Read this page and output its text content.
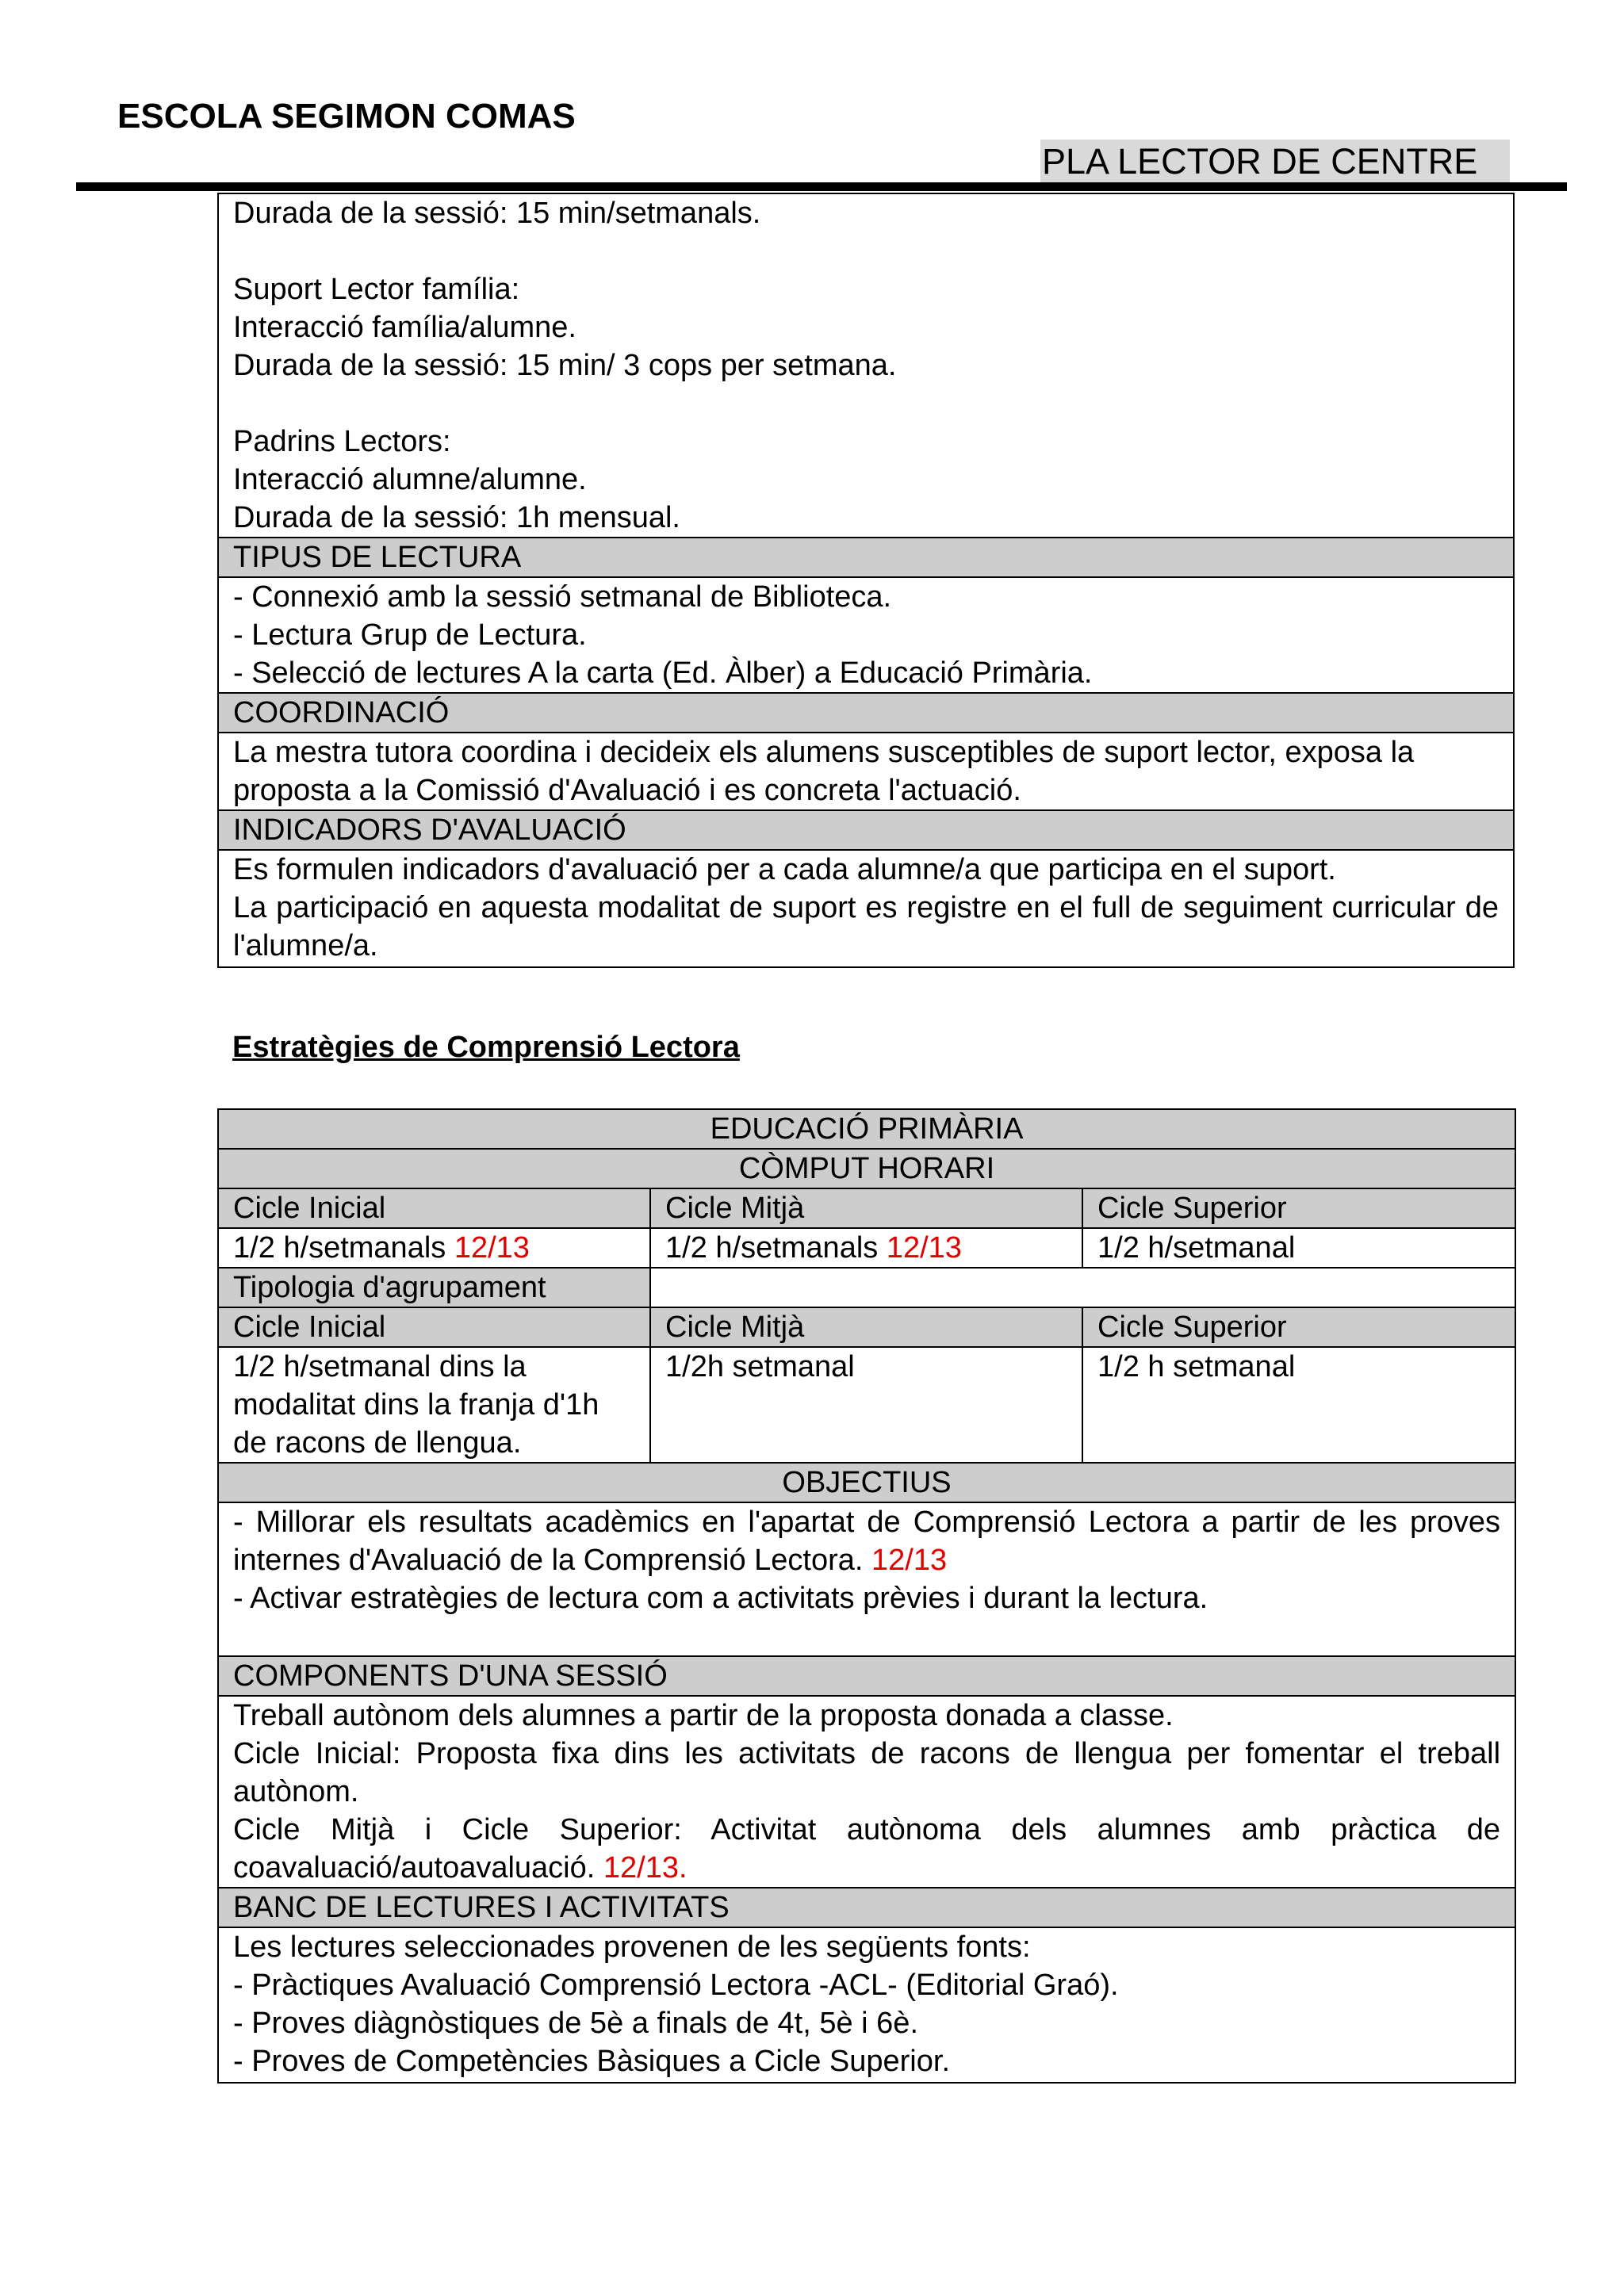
ESCOLA SEGIMON COMAS
PLA LECTOR DE CENTRE
Durada de la sessió: 15 min/setmanals.
Suport Lector família:
Interacció família/alumne.
Durada de la sessió: 15 min/ 3 cops per setmana.
Padrins Lectors:
Interacció alumne/alumne.
Durada de la sessió: 1h mensual.

TIPUS DE LECTURA

- Connexió amb la sessió setmanal de Biblioteca.
- Lectura Grup de Lectura.
- Selecció de lectures A la carta (Ed. Àlber) a Educació Primària.

COORDINACIÓ
La mestra tutora coordina i decideix els alumens susceptibles de suport lector, exposa la proposta a la Comissió d'Avaluació i es concreta l'actuació.
INDICADORS D'AVALUACIÓ

Es formulen indicadors d'avaluació per a cada alumne/a que participa en el suport.
La participació en aquesta modalitat de suport es registre en el full de seguiment curricular de l'alumne/a.
Estratègies de Comprensió Lectora
EDUCACIÓ PRIMÀRIA		
CÒMPUT HORARI		
Cicle Inicial	Cicle Mitjà	Cicle Superior
1/2 h/setmanals 12/13	1/2 h/setmanals 12/13	1/2 h/setmanal
Tipologia d'agrupament		
Cicle Inicial	Cicle Mitjà	Cicle Superior
1/2 h/setmanal dins la modalitat dins la franja d'1h de racons de llengua.	1/2h setmanal	1/2 h setmanal
OBJECTIUS		

- Millorar els resultats acadèmics en l'apartat de Comprensió Lectora a partir de les proves internes d'Avaluació de la Comprensió Lectora. 12/13
- Activar estratègies de lectura com a activitats prèvies i durant la lectura.		

COMPONENTS D'UNA SESSIÓ		

Treball autònom dels alumnes a partir de la proposta donada a classe.
Cicle Inicial: Proposta fixa dins les activitats de racons de llengua per fomentar el treball autònom.
Cicle Mitjà i Cicle Superior: Activitat autònoma dels alumnes amb pràctica de coavaluació/autoavaluació. 12/13.		

BANC DE LECTURES I ACTIVITATS		

Les lectures seleccionades provenen de les següents fonts:
- Pràctiques Avaluació Comprensió Lectora -ACL- (Editorial Graó).
- Proves diàgnòstiques de 5è a finals de 4t, 5è i 6è.
- Proves de Competències Bàsiques a Cicle Superior.		
